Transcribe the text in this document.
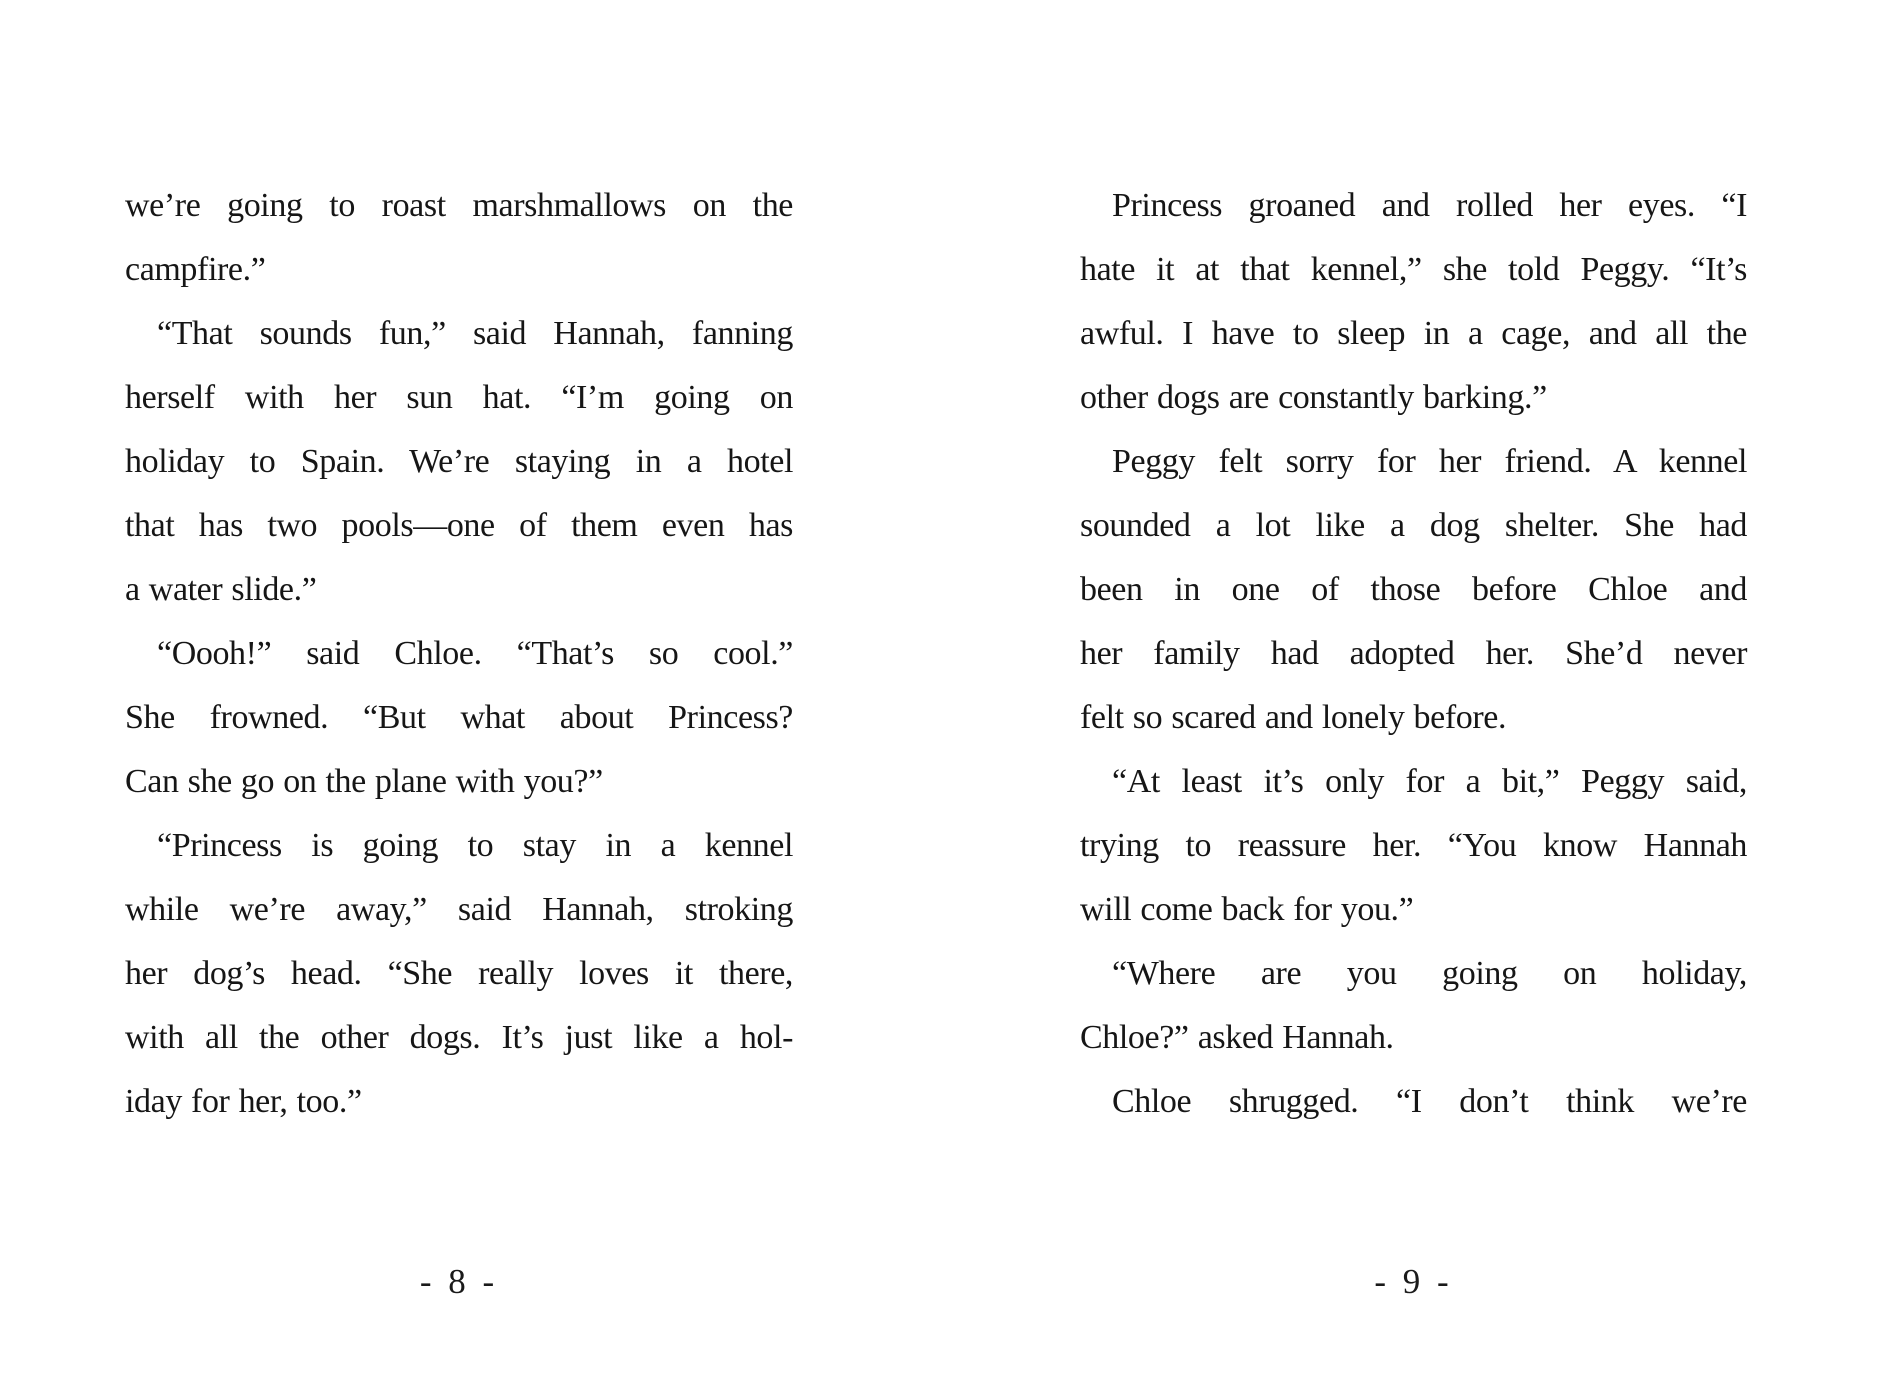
we’re going to roast marshmallows on the
campfire.”
“That sounds fun,” said Hannah, fanning
herself with her sun hat. “I’m going on
holiday to Spain. We’re staying in a hotel
that has two pools—one of them even has
a water slide.”
“Oooh!” said Chloe. “That’s so cool.”
She frowned. “But what about Princess?
Can she go on the plane with you?”
“Princess is going to stay in a kennel
while we’re away,” said Hannah, stroking
her dog’s head. “She really loves it there,
with all the other dogs. It’s just like a hol-
iday for her, too.”
- 8 -
Princess groaned and rolled her eyes. “I
hate it at that kennel,” she told Peggy. “It’s
awful. I have to sleep in a cage, and all the
other dogs are constantly barking.”
Peggy felt sorry for her friend. A kennel
sounded a lot like a dog shelter. She had
been in one of those before Chloe and
her family had adopted her. She’d never
felt so scared and lonely before.
“At least it’s only for a bit,” Peggy said,
trying to reassure her. “You know Hannah
will come back for you.”
“Where are you going on holiday,
Chloe?” asked Hannah.
Chloe shrugged. “I don’t think we’re
- 9 -
